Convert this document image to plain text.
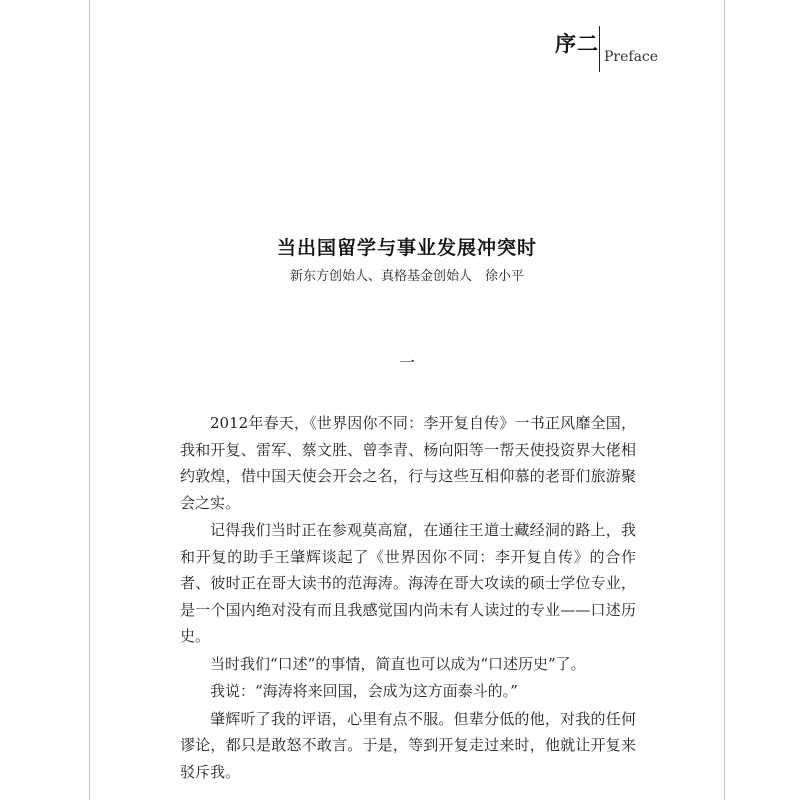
序二
Preface
当出国留学与事业发展冲突时
新东方创始人、真格基金创始人　徐小平
一

2012年春天，《世界因你不同：李开复自传》一书正风靡全国，我和开复、雷军、蔡文胜、曾李青、杨向阳等一帮天使投资界大佬相约敦煌，借中国天使会开会之名，行与这些互相仰慕的老哥们旅游聚会之实。

记得我们当时正在参观莫高窟，在通往王道士藏经洞的路上，我和开复的助手王肇辉谈起了《世界因你不同：李开复自传》的合作者、彼时正在哥大读书的范海涛。海涛在哥大攻读的硕士学位专业，是一个国内绝对没有而且我感觉国内尚未有人读过的专业——口述历史。

当时我们“口述”的事情，简直也可以成为“口述历史”了。

我说：“海涛将来回国，会成为这方面泰斗的。”

肇辉听了我的评语，心里有点不服。但辈分低的他，对我的任何谬论，都只是敢怒不敢言。于是，等到开复走过来时，他就让开复来驳斥我。
